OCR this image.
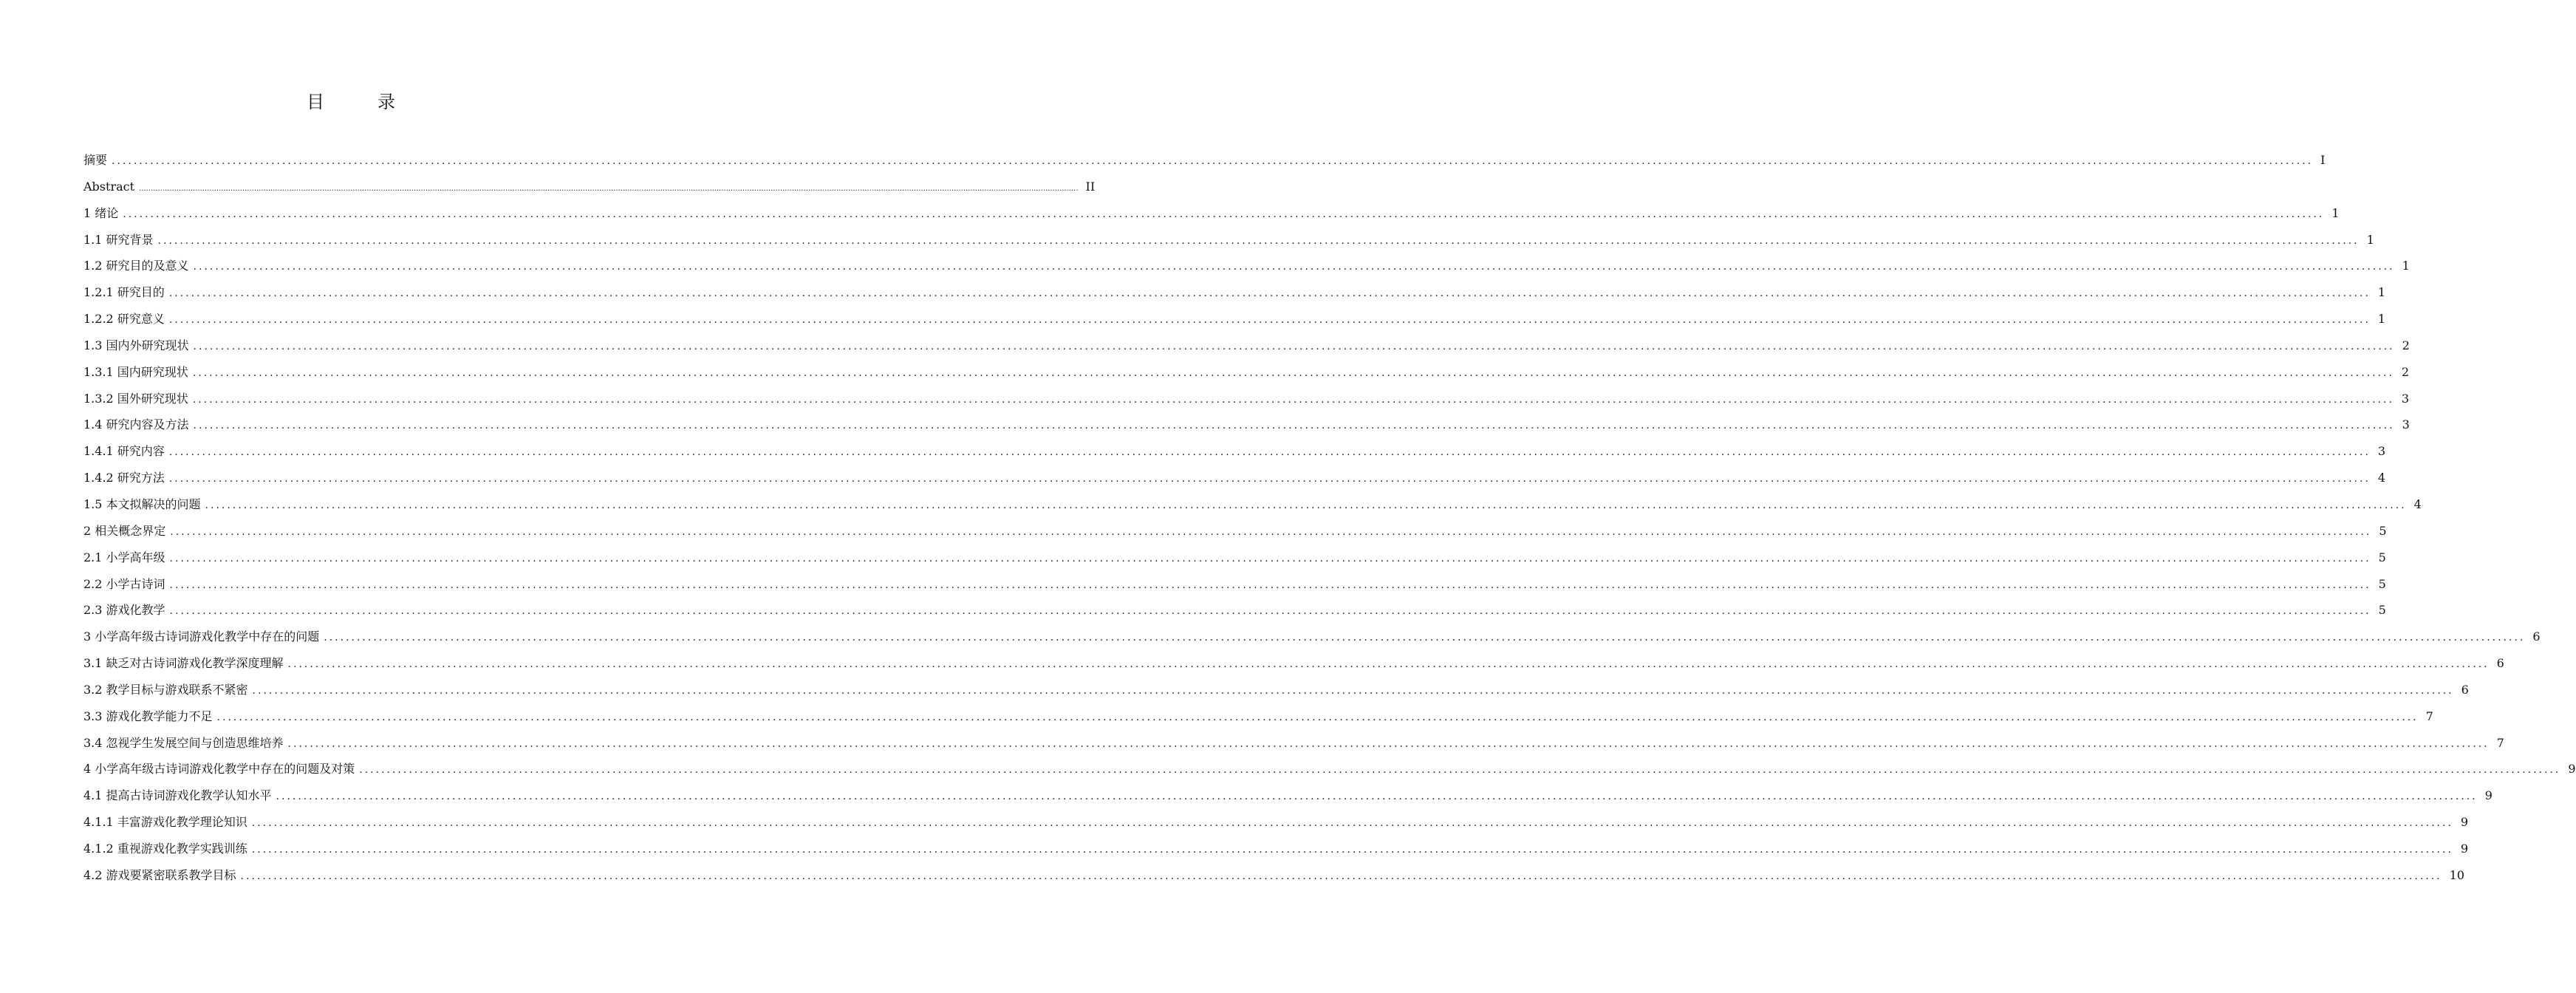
目　录
摘要 ................................................................................................................................................................................................................................................................................................................................................................................................................ I
Abstract ................................................................................................................................................................................................................................................................................................................................................................................................................ II
1 绪论 ................................................................................................................................................................................................................................................................................................................................................................................................................ 1
1.1 研究背景 ................................................................................................................................................................................................................................................................................................................................................................................................................ 1
1.2 研究目的及意义 ................................................................................................................................................................................................................................................................................................................................................................................................................ 1
1.2.1 研究目的 ................................................................................................................................................................................................................................................................................................................................................................................................................ 1
1.2.2 研究意义 ................................................................................................................................................................................................................................................................................................................................................................................................................ 1
1.3 国内外研究现状 ................................................................................................................................................................................................................................................................................................................................................................................................................ 2
1.3.1 国内研究现状 ................................................................................................................................................................................................................................................................................................................................................................................................................ 2
1.3.2 国外研究现状 ................................................................................................................................................................................................................................................................................................................................................................................................................ 3
1.4 研究内容及方法 ................................................................................................................................................................................................................................................................................................................................................................................................................ 3
1.4.1 研究内容 ................................................................................................................................................................................................................................................................................................................................................................................................................ 3
1.4.2 研究方法 ................................................................................................................................................................................................................................................................................................................................................................................................................ 4
1.5 本文拟解决的问题 ................................................................................................................................................................................................................................................................................................................................................................................................................ 4
2 相关概念界定 ................................................................................................................................................................................................................................................................................................................................................................................................................ 5
2.1 小学高年级 ................................................................................................................................................................................................................................................................................................................................................................................................................ 5
2.2 小学古诗词 ................................................................................................................................................................................................................................................................................................................................................................................................................ 5
2.3 游戏化教学 ................................................................................................................................................................................................................................................................................................................................................................................................................ 5
3 小学高年级古诗词游戏化教学中存在的问题 ................................................................................................................................................................................................................................................................................................................................................................................................................ 6
3.1 缺乏对古诗词游戏化教学深度理解 ................................................................................................................................................................................................................................................................................................................................................................................................................ 6
3.2 教学目标与游戏联系不紧密 ................................................................................................................................................................................................................................................................................................................................................................................................................ 6
3.3 游戏化教学能力不足 ................................................................................................................................................................................................................................................................................................................................................................................................................ 7
3.4 忽视学生发展空间与创造思维培养 ................................................................................................................................................................................................................................................................................................................................................................................................................ 7
4 小学高年级古诗词游戏化教学中存在的问题及对策 ................................................................................................................................................................................................................................................................................................................................................................................................................ 9
4.1 提高古诗词游戏化教学认知水平 ................................................................................................................................................................................................................................................................................................................................................................................................................ 9
4.1.1 丰富游戏化教学理论知识 ................................................................................................................................................................................................................................................................................................................................................................................................................ 9
4.1.2 重视游戏化教学实践训练 ................................................................................................................................................................................................................................................................................................................................................................................................................ 9
4.2 游戏要紧密联系教学目标 ................................................................................................................................................................................................................................................................................................................................................................................................................ 10
